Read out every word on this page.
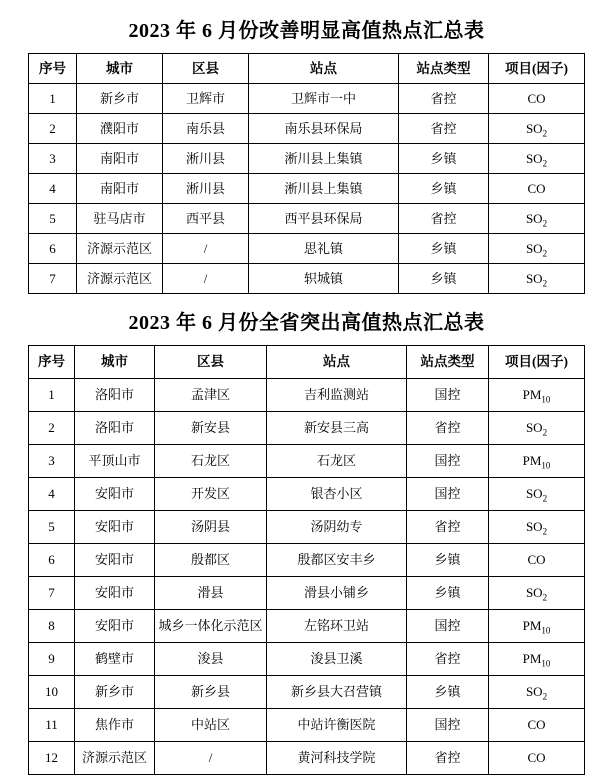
2023 年 6 月份改善明显高值热点汇总表
序号	城市	区县	站点	站点类型	项目(因子)
1	新乡市	卫辉市	卫辉市一中	省控	CO
2	濮阳市	南乐县	南乐县环保局	省控	$SO_2$
3	南阳市	淅川县	淅川县上集镇	乡镇	$SO_2$
4	南阳市	淅川县	淅川县上集镇	乡镇	CO
5	驻马店市	西平县	西平县环保局	省控	$SO_2$
6	济源示范区	/	思礼镇	乡镇	$SO_2$
7	济源示范区	/	轵城镇	乡镇	$SO_2$
2023 年 6 月份全省突出高值热点汇总表
序号	城市	区县	站点	站点类型	项目(因子)
1	洛阳市	孟津区	吉利监测站	国控	$PM_{10}$
2	洛阳市	新安县	新安县三高	省控	$SO_2$
3	平顶山市	石龙区	石龙区	国控	$PM_{10}$
4	安阳市	开发区	银杏小区	国控	$SO_2$
5	安阳市	汤阴县	汤阴幼专	省控	$SO_2$
6	安阳市	殷都区	殷都区安丰乡	乡镇	CO
7	安阳市	滑县	滑县小铺乡	乡镇	$SO_2$
8	安阳市	城乡一体化示范区	左铭环卫站	国控	$PM_{10}$
9	鹤壁市	浚县	浚县卫溪	省控	$PM_{10}$
10	新乡市	新乡县	新乡县大召营镇	乡镇	$SO_2$
11	焦作市	中站区	中站许衡医院	国控	CO
12	济源示范区	/	黄河科技学院	省控	CO
